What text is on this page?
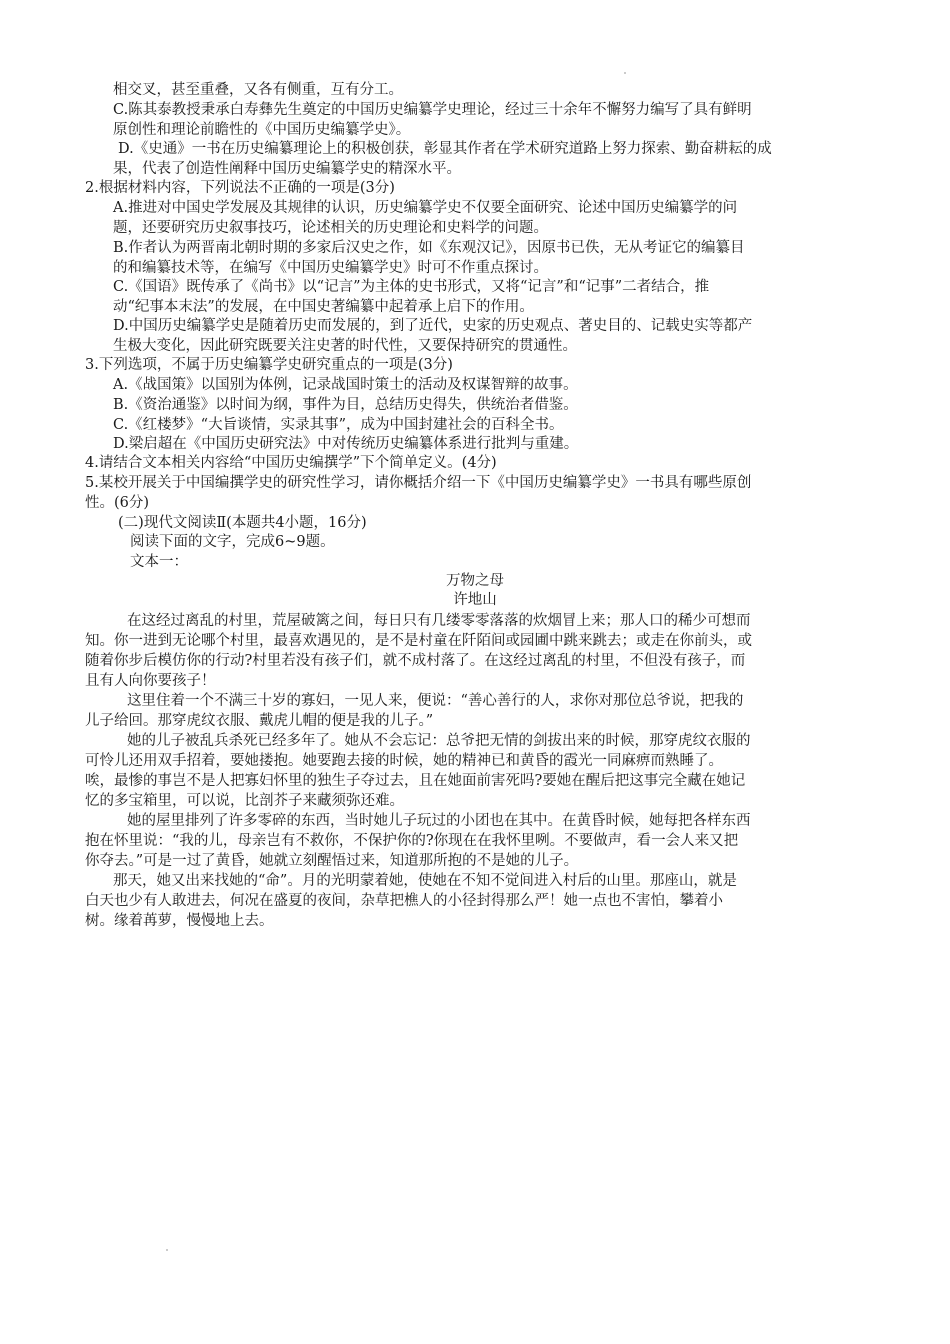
相交叉，甚至重叠，又各有侧重，互有分工。
C.陈其泰教授秉承白寿彝先生奠定的中国历史编纂学史理论，经过三十余年不懈努力编写了具有鲜明
原创性和理论前瞻性的《中国历史编纂学史》。
D.《史通》一书在历史编纂理论上的积极创获，彰显其作者在学术研究道路上努力探索、勤奋耕耘的成
果，代表了创造性阐释中国历史编纂学史的精深水平。
2.根据材料内容，下列说法不正确的一项是(3分)
A.推进对中国史学发展及其规律的认识，历史编纂学史不仅要全面研究、论述中国历史编纂学的问
题，还要研究历史叙事技巧，论述相关的历史理论和史料学的问题。
B.作者认为两晋南北朝时期的多家后汉史之作，如《东观汉记》，因原书已佚，无从考证它的编纂目
的和编纂技术等，在编写《中国历史编纂学史》时可不作重点探讨。
C.《国语》既传承了《尚书》以“记言”为主体的史书形式，又将“记言”和“记事”二者结合，推
动“纪事本末法”的发展，在中国史著编纂中起着承上启下的作用。
D.中国历史编纂学史是随着历史而发展的，到了近代，史家的历史观点、著史目的、记载史实等都产
生极大变化，因此研究既要关注史著的时代性，又要保持研究的贯通性。
3.下列选项，不属于历史编纂学史研究重点的一项是(3分)
A.《战国策》以国别为体例，记录战国时策士的活动及权谋智辩的故事。
B.《资治通鉴》以时间为纲，事件为目，总结历史得失，供统治者借鉴。
C.《红楼梦》“大旨谈情，实录其事”，成为中国封建社会的百科全书。
D.梁启超在《中国历史研究法》中对传统历史编纂体系进行批判与重建。
4.请结合文本相关内容给“中国历史编撰学”下个简单定义。(4分)
5.某校开展关于中国编撰学史的研究性学习，请你概括介绍一下《中国历史编纂学史》一书具有哪些原创
性。(6分)
(二)现代文阅读Ⅱ(本题共4小题，16分)
阅读下面的文字，完成6~9题。
文本一：
万物之母
许地山
在这经过离乱的村里，荒屋破篱之间，每日只有几缕零零落落的炊烟冒上来；那人口的稀少可想而
知。你一进到无论哪个村里，最喜欢遇见的，是不是村童在阡陌间或园圃中跳来跳去；或走在你前头，或
随着你步后模仿你的行动?村里若没有孩子们，就不成村落了。在这经过离乱的村里，不但没有孩子，而
且有人向你要孩子！
这里住着一个不满三十岁的寡妇，一见人来，便说：“善心善行的人，求你对那位总爷说，把我的
儿子给回。那穿虎纹衣服、戴虎儿帽的便是我的儿子。”
她的儿子被乱兵杀死已经多年了。她从不会忘记：总爷把无情的剑拔出来的时候，那穿虎纹衣服的
可怜儿还用双手招着，要她搂抱。她要跑去接的时候，她的精神已和黄昏的霞光一同麻痹而熟睡了。
唉，最惨的事岂不是人把寡妇怀里的独生子夺过去，且在她面前害死吗?要她在醒后把这事完全藏在她记
忆的多宝箱里，可以说，比剖芥子来藏须弥还难。
她的屋里排列了许多零碎的东西，当时她儿子玩过的小团也在其中。在黄昏时候，她每把各样东西
抱在怀里说：“我的儿，母亲岂有不救你，不保护你的?你现在在我怀里咧。不要做声，看一会人来又把
你夺去。”可是一过了黄昏，她就立刻醒悟过来，知道那所抱的不是她的儿子。
那天，她又出来找她的“命”。月的光明蒙着她，使她在不知不觉间进入村后的山里。那座山，就是
白天也少有人敢进去，何况在盛夏的夜间，杂草把樵人的小径封得那么严！她一点也不害怕，攀着小
树。缘着苒萝，慢慢地上去。
